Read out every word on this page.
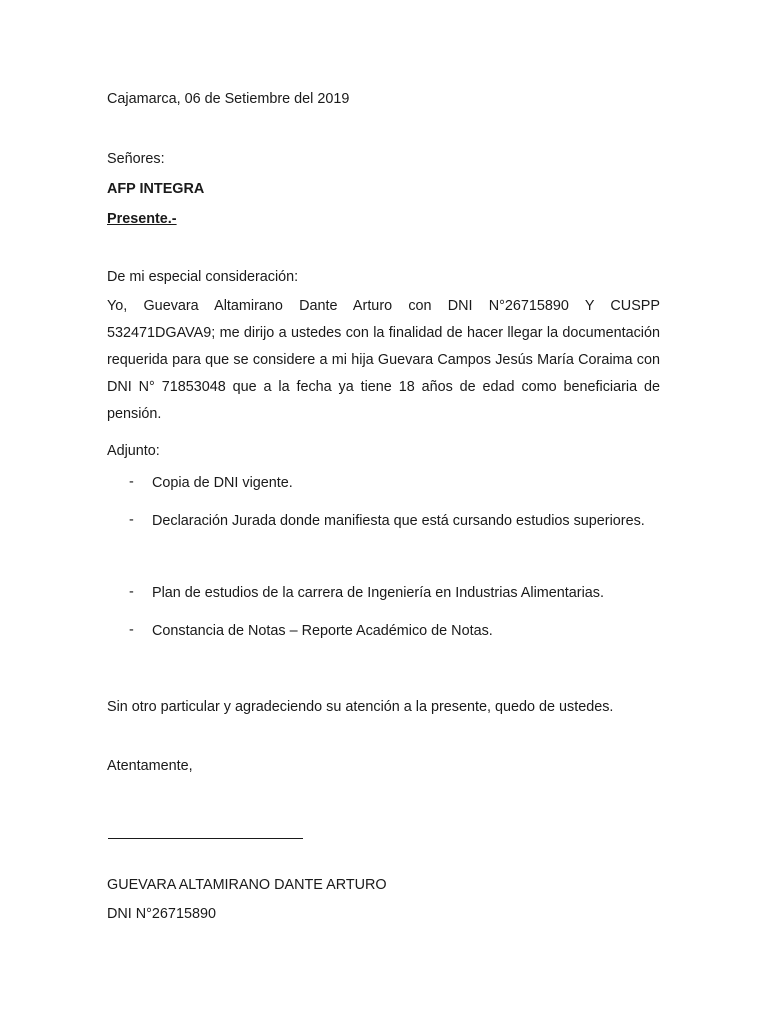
Cajamarca, 06 de Setiembre del 2019
Señores:
AFP INTEGRA
Presente.-
De mi especial consideración:
Yo, Guevara Altamirano Dante Arturo con DNI N°26715890 Y CUSPP 532471DGAVA9; me dirijo a ustedes con la finalidad de hacer llegar la documentación requerida para que se considere a mi hija Guevara Campos Jesús María Coraima con DNI N° 71853048 que a la fecha ya tiene 18 años de edad como beneficiaria de pensión.
Adjunto:
- Copia de DNI vigente.
- Declaración Jurada donde manifiesta que está cursando estudios superiores.
- Plan de estudios de la carrera de Ingeniería en Industrias Alimentarias.
- Constancia de Notas – Reporte Académico de Notas.
Sin otro particular y agradeciendo su atención a la presente, quedo de ustedes.
Atentamente,
GUEVARA ALTAMIRANO DANTE ARTURO
DNI N°26715890
